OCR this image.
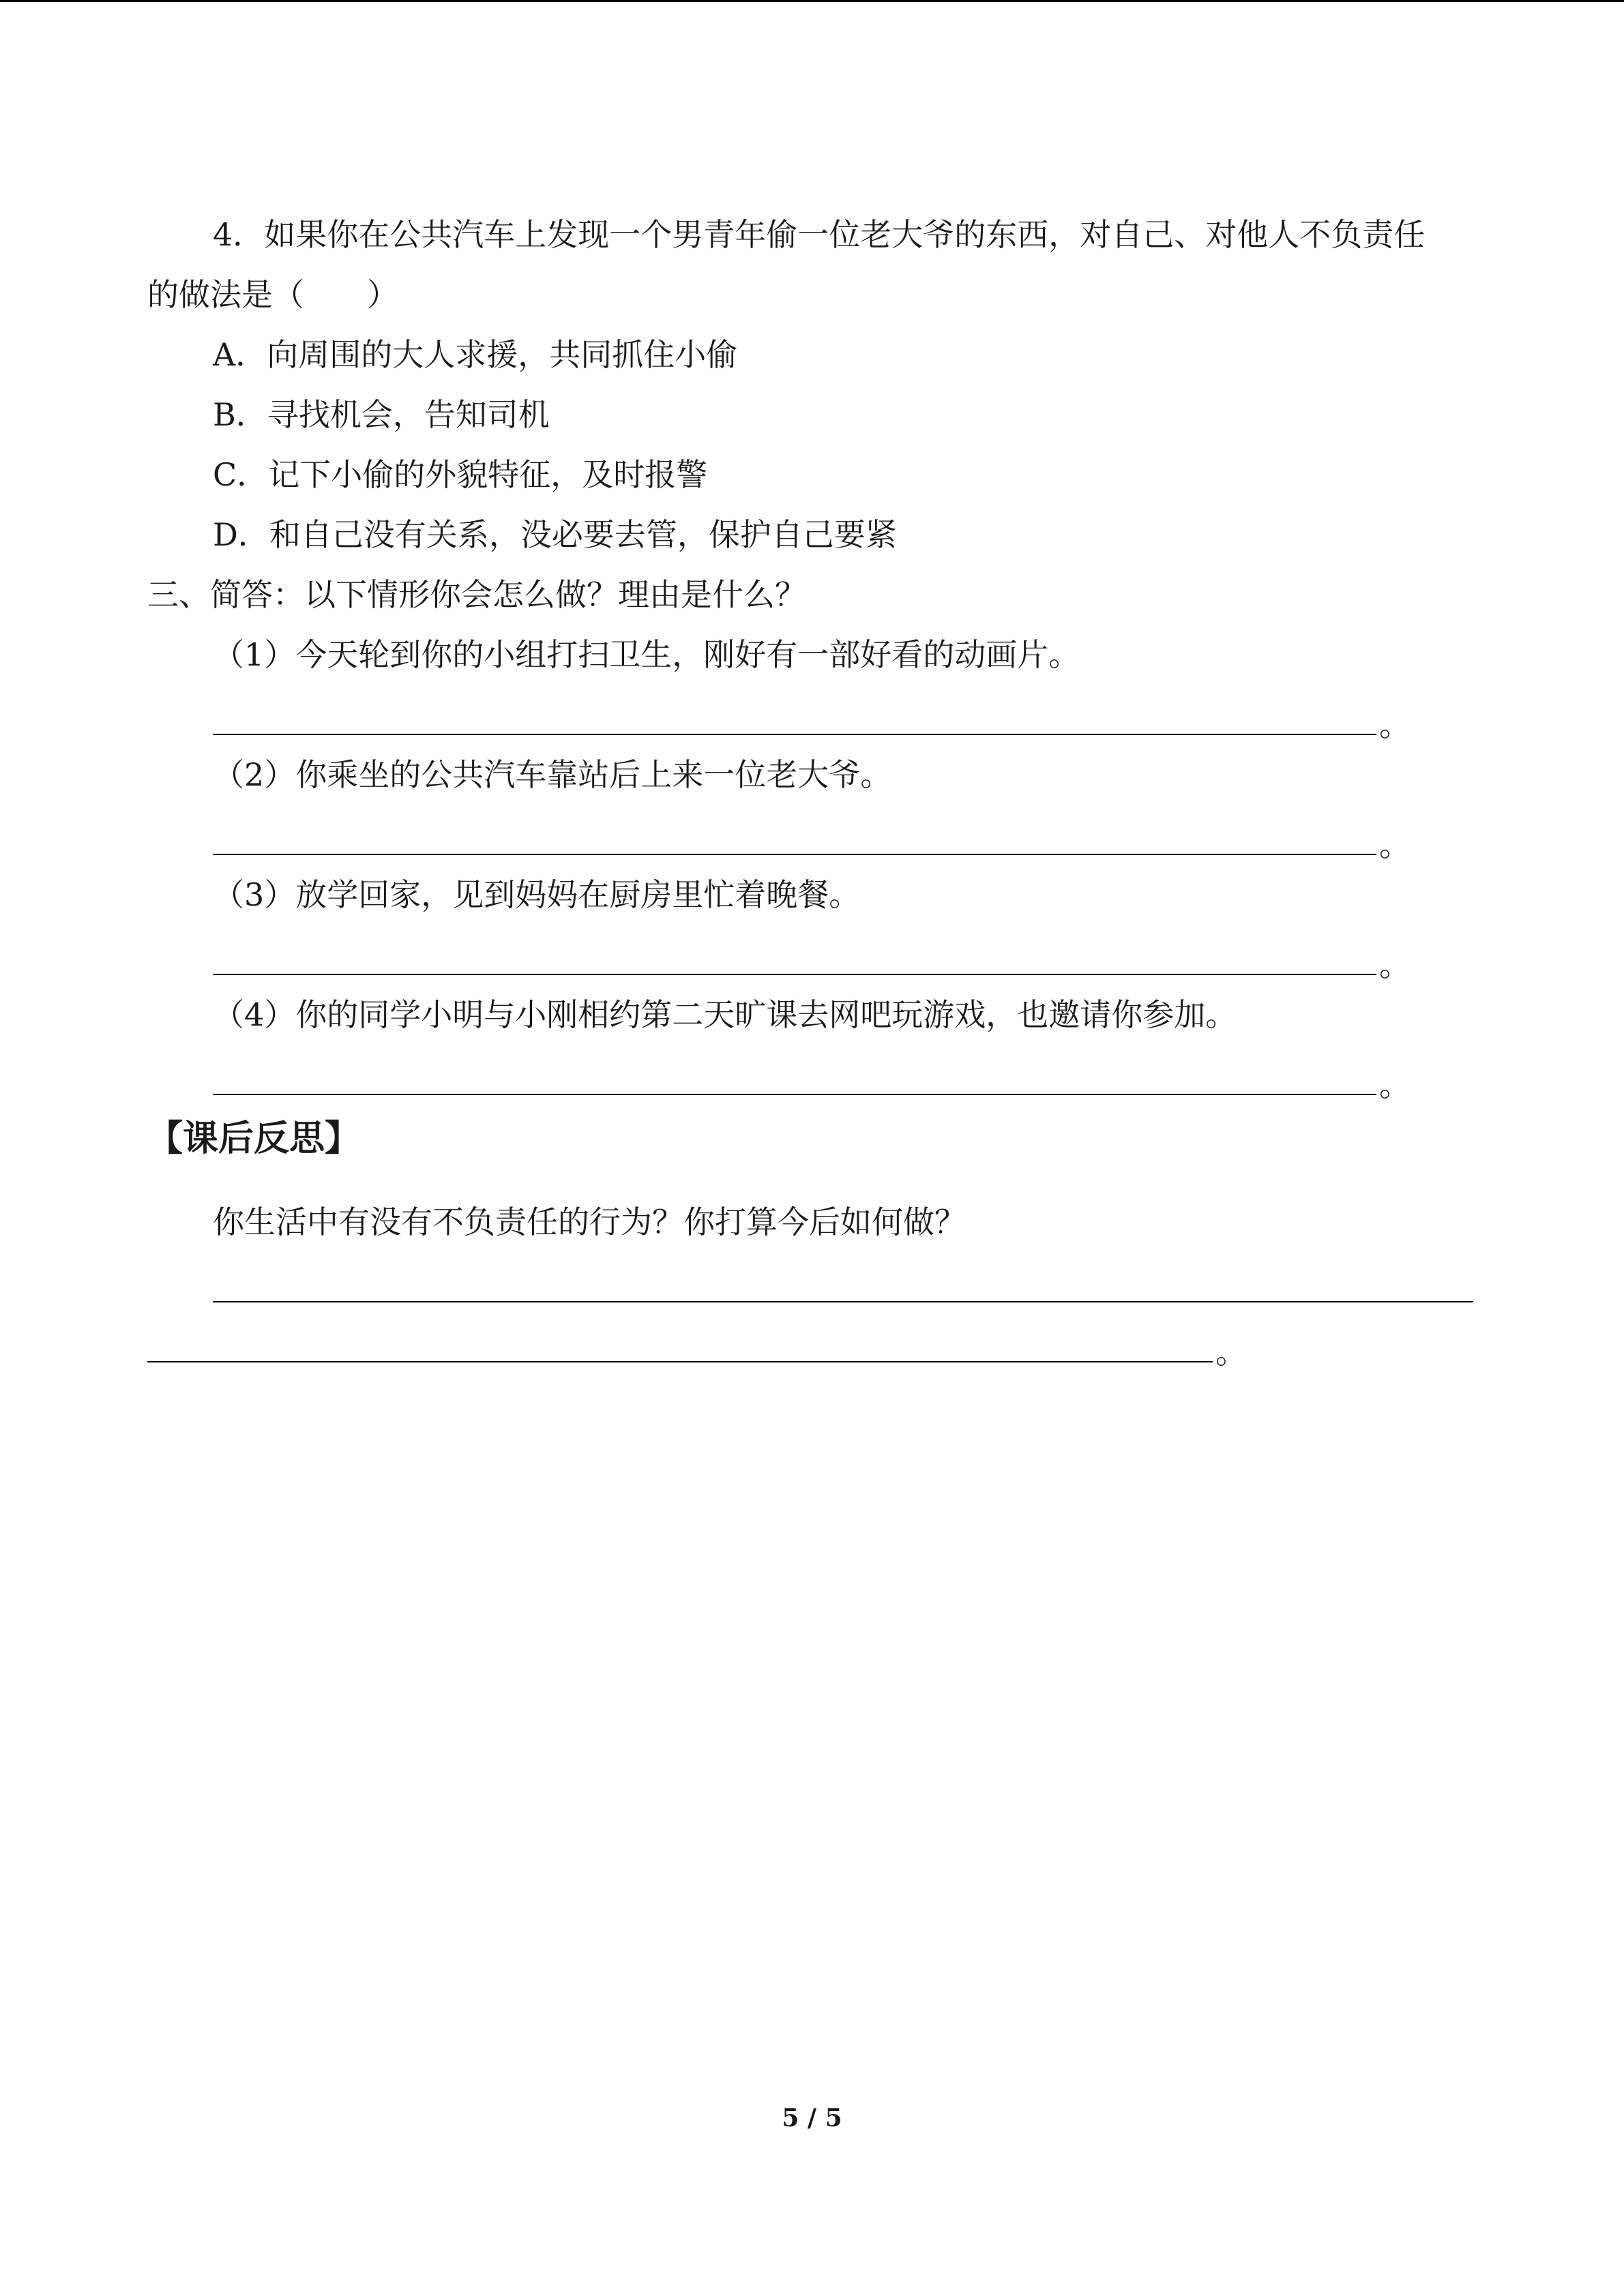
4．如果你在公共汽车上发现一个男青年偷一位老大爷的东西，对自己、对他人不负责任
的做法是（　　）
A．向周围的大人求援，共同抓住小偷
B．寻找机会，告知司机
C．记下小偷的外貌特征，及时报警
D．和自己没有关系，没必要去管，保护自己要紧
三、简答：以下情形你会怎么做？理由是什么？
（1）今天轮到你的小组打扫卫生，刚好有一部好看的动画片。
。
（2）你乘坐的公共汽车靠站后上来一位老大爷。
。
（3）放学回家，见到妈妈在厨房里忙着晚餐。
。
（4）你的同学小明与小刚相约第二天旷课去网吧玩游戏，也邀请你参加。
。
【课后反思】
你生活中有没有不负责任的行为？你打算今后如何做？
。
5 / 5
